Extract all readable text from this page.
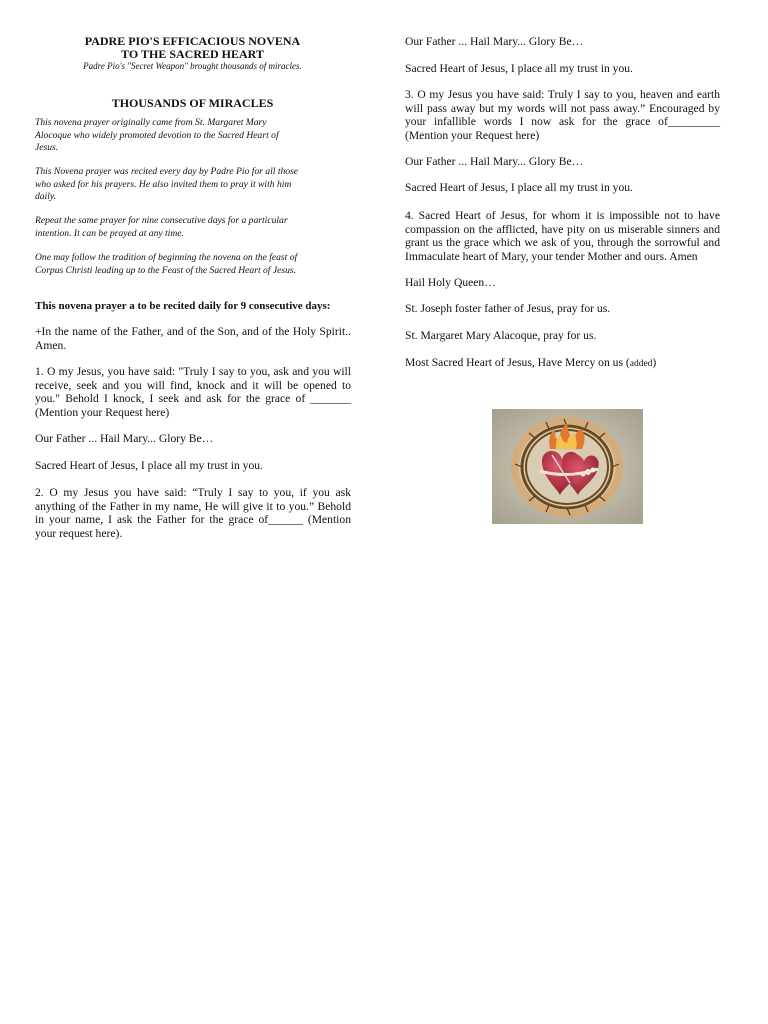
PADRE PIO'S EFFICACIOUS NOVENA
TO THE SACRED HEART
Padre Pio's "Secret Weapon" brought thousands of miracles.
THOUSANDS OF MIRACLES

This novena prayer originally came from St. Margaret Mary Alocoque who widely promoted devotion to the Sacred Heart of Jesus.

This Novena prayer was recited every day by Padre Pio for all those who asked for his prayers. He also invited them to pray it with him daily.

Repeat the same prayer for nine consecutive days for a particular intention. It can be prayed at any time.

One may follow the tradition of beginning the novena on the feast of Corpus Christi leading up to the Feast of the Sacred Heart of Jesus.

This novena prayer a to be recited daily for 9 consecutive days:

+In the name of the Father, and of the Son, and of the Holy Spirit.. Amen.

1. O my Jesus, you have said: "Truly I say to you, ask and you will receive, seek and you will find, knock and it will be opened to you." Behold I knock, I seek and ask for the grace of _______ (Mention your Request here)

Our Father ... Hail Mary... Glory Be…

Sacred Heart of Jesus, I place all my trust in you.

2. O my Jesus you have said: “Truly I say to you, if you ask anything of the Father in my name, He will give it to you.” Behold in your name, I ask the Father for the grace of______ (Mention your request here).

Our Father ... Hail Mary... Glory Be…

Sacred Heart of Jesus, I place all my trust in you.

3. O my Jesus you have said: Truly I say to you, heaven and earth will pass away but my words will not pass away.” Encouraged by your infallible words I now ask for the grace of_________ (Mention your Request here)

Our Father ... Hail Mary... Glory Be…

Sacred Heart of Jesus, I place all my trust in you.

4. Sacred Heart of Jesus, for whom it is impossible not to have compassion on the afflicted, have pity on us miserable sinners and grant us the grace which we ask of you, through the sorrowful and Immaculate heart of Mary, your tender Mother and ours. Amen

Hail Holy Queen…

St. Joseph foster father of Jesus, pray for us.

St. Margaret Mary Alacoque, pray for us.

Most Sacred Heart of Jesus, Have Mercy on us (added)
